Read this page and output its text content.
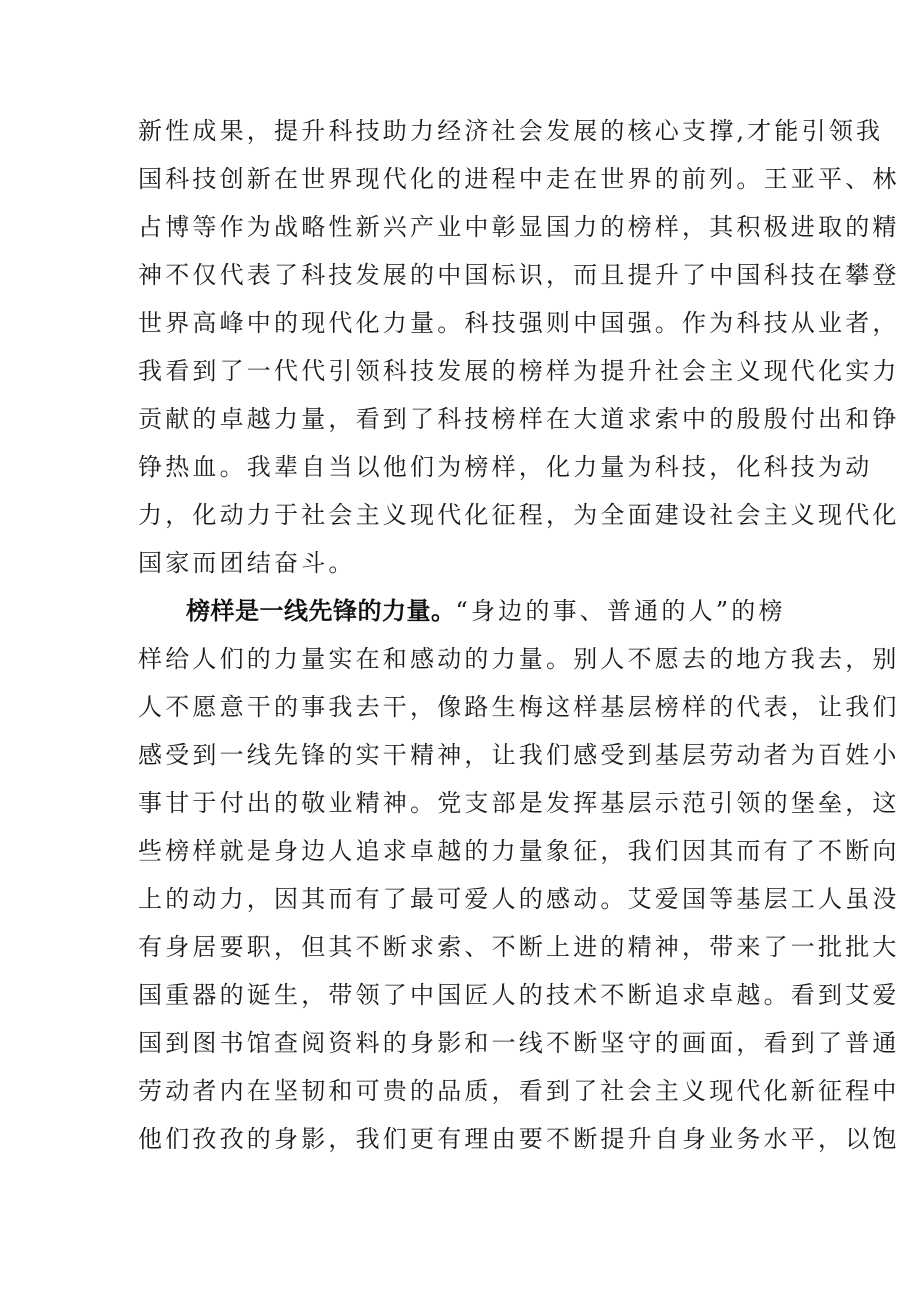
新性成果，提升科技助力经济社会发展的核心支撑,才能引领我
国科技创新在世界现代化的进程中走在世界的前列。王亚平、林
占博等作为战略性新兴产业中彰显国力的榜样，其积极进取的精
神不仅代表了科技发展的中国标识，而且提升了中国科技在攀登
世界高峰中的现代化力量。科技强则中国强。作为科技从业者，
我看到了一代代引领科技发展的榜样为提升社会主义现代化实力
贡献的卓越力量，看到了科技榜样在大道求索中的殷殷付出和铮
铮热血。我辈自当以他们为榜样，化力量为科技，化科技为动
力，化动力于社会主义现代化征程，为全面建设社会主义现代化
国家而团结奋斗。
榜样是一线先锋的力量。“身边的事、普通的人”的榜
样给人们的力量实在和感动的力量。别人不愿去的地方我去，别
人不愿意干的事我去干，像路生梅这样基层榜样的代表，让我们
感受到一线先锋的实干精神，让我们感受到基层劳动者为百姓小
事甘于付出的敬业精神。党支部是发挥基层示范引领的堡垒，这
些榜样就是身边人追求卓越的力量象征，我们因其而有了不断向
上的动力，因其而有了最可爱人的感动。艾爱国等基层工人虽没
有身居要职，但其不断求索、不断上进的精神，带来了一批批大
国重器的诞生，带领了中国匠人的技术不断追求卓越。看到艾爱
国到图书馆查阅资料的身影和一线不断坚守的画面，看到了普通
劳动者内在坚韧和可贵的品质，看到了社会主义现代化新征程中
他们孜孜的身影，我们更有理由要不断提升自身业务水平，以饱
